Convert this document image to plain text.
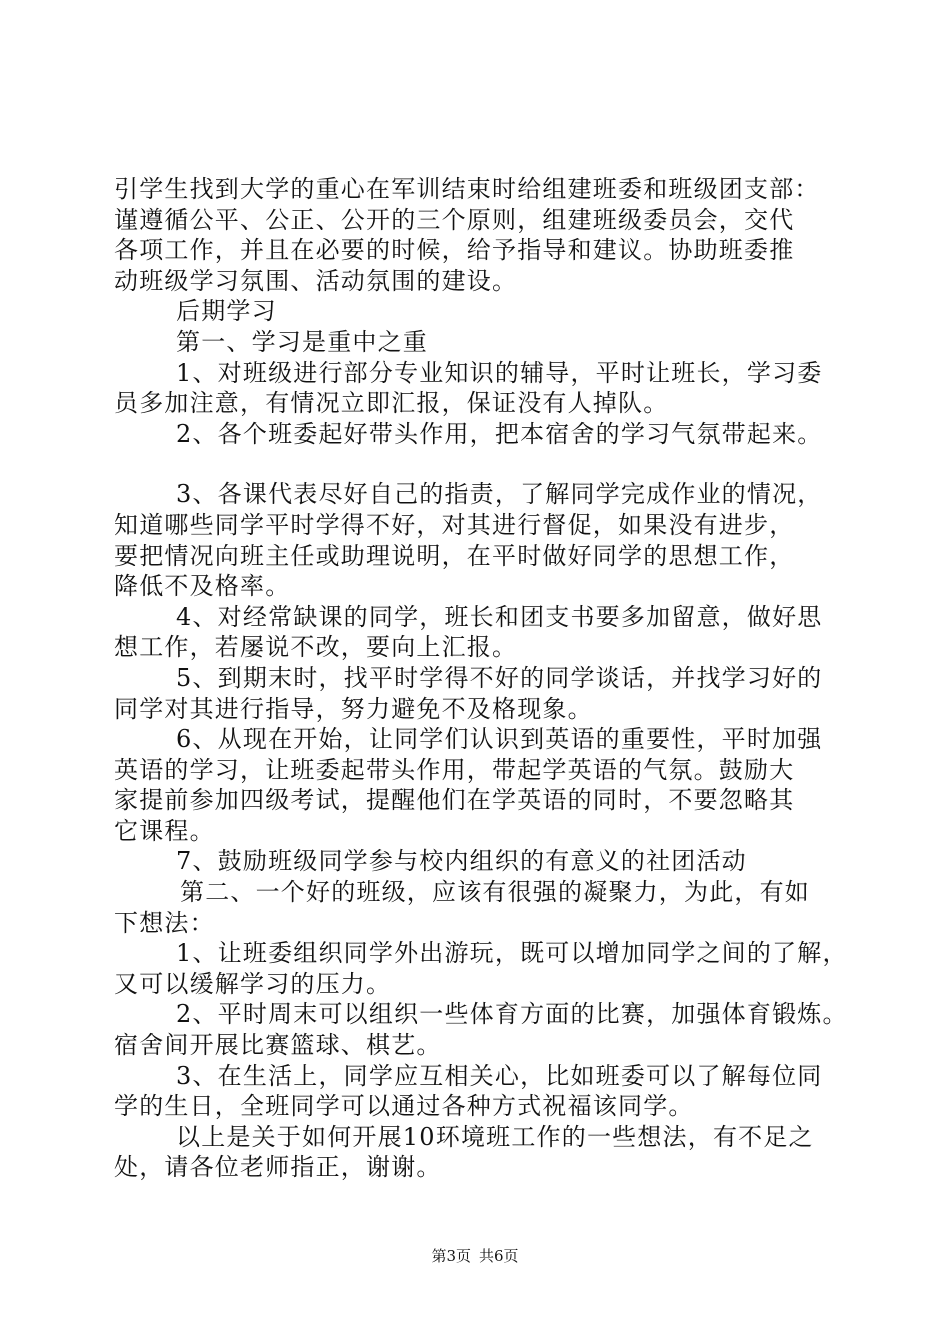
引学生找到大学的重心在军训结束时给组建班委和班级团支部：
谨遵循公平、公正、公开的三个原则，组建班级委员会，交代
各项工作，并且在必要的时候，给予指导和建议。协助班委推
动班级学习氛围、活动氛围的建设。
后期学习
第一、学习是重中之重
1、对班级进行部分专业知识的辅导，平时让班长，学习委
员多加注意，有情况立即汇报，保证没有人掉队。
2、各个班委起好带头作用，把本宿舍的学习气氛带起来。
3、各课代表尽好自己的指责，了解同学完成作业的情况，
知道哪些同学平时学得不好，对其进行督促，如果没有进步，
要把情况向班主任或助理说明，在平时做好同学的思想工作，
降低不及格率。
4、对经常缺课的同学，班长和团支书要多加留意，做好思
想工作，若屡说不改，要向上汇报。
5、到期末时，找平时学得不好的同学谈话，并找学习好的
同学对其进行指导，努力避免不及格现象。
6、从现在开始，让同学们认识到英语的重要性，平时加强
英语的学习，让班委起带头作用，带起学英语的气氛。鼓励大
家提前参加四级考试，提醒他们在学英语的同时，不要忽略其
它课程。
7、鼓励班级同学参与校内组织的有意义的社团活动
第二、一个好的班级，应该有很强的凝聚力，为此，有如
下想法：
1、让班委组织同学外出游玩，既可以增加同学之间的了解，
又可以缓解学习的压力。
2、平时周末可以组织一些体育方面的比赛，加强体育锻炼。
宿舍间开展比赛篮球、棋艺。
3、在生活上，同学应互相关心，比如班委可以了解每位同
学的生日，全班同学可以通过各种方式祝福该同学。
以上是关于如何开展10环境班工作的一些想法，有不足之
处，请各位老师指正，谢谢。
第3页 共6页
